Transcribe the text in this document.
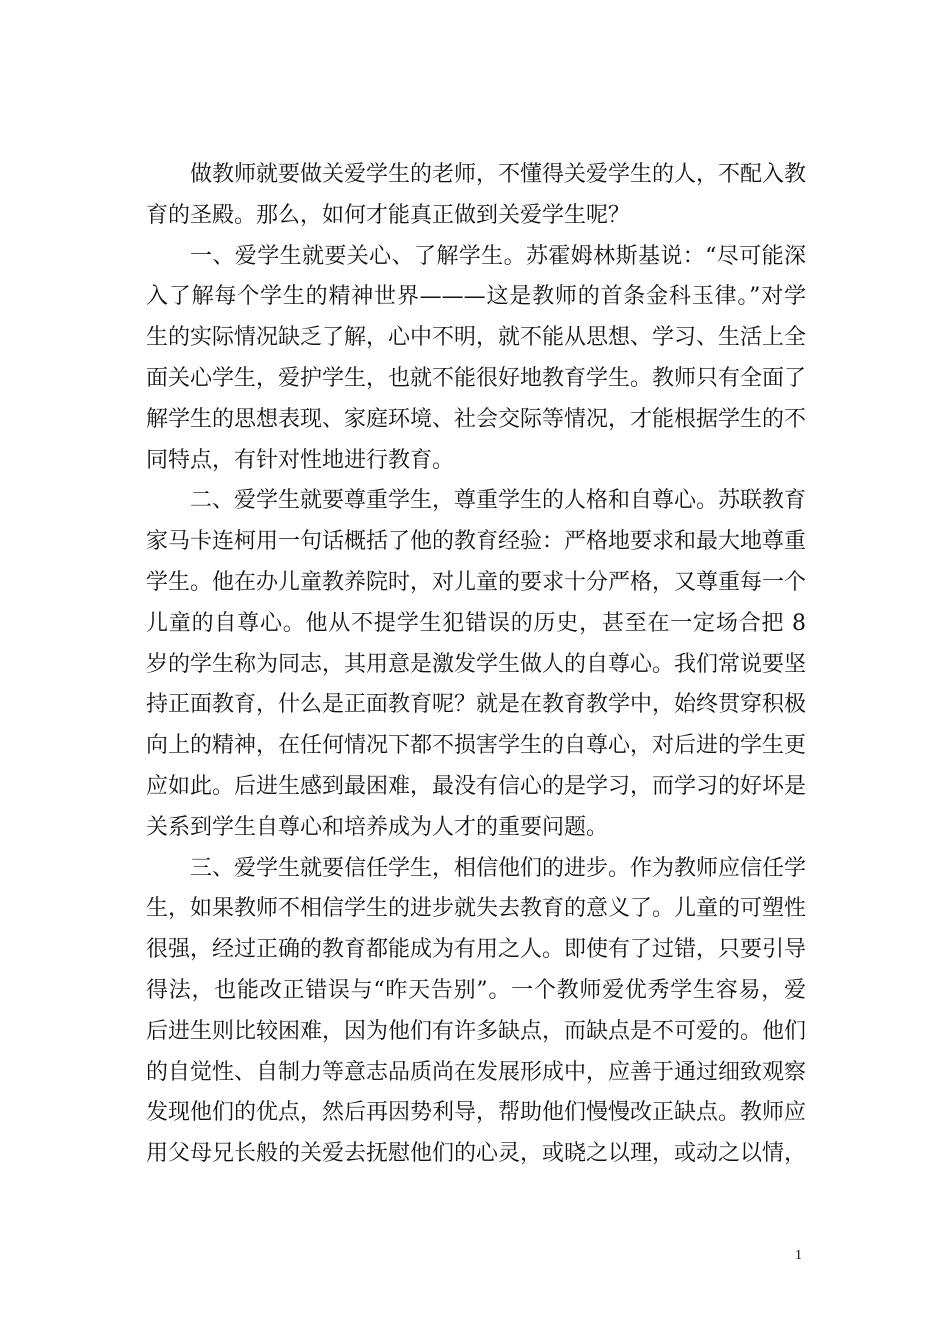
做教师就要做关爱学生的老师，不懂得关爱学生的人，不配入教育的圣殿。那么，如何才能真正做到关爱学生呢？

一、爱学生就要关心、了解学生。苏霍姆林斯基说：“尽可能深入了解每个学生的精神世界———这是教师的首条金科玉律。”对学生的实际情况缺乏了解，心中不明，就不能从思想、学习、生活上全面关心学生，爱护学生，也就不能很好地教育学生。教师只有全面了解学生的思想表现、家庭环境、社会交际等情况，才能根据学生的不同特点，有针对性地进行教育。

二、爱学生就要尊重学生，尊重学生的人格和自尊心。苏联教育家马卡连柯用一句话概括了他的教育经验：严格地要求和最大地尊重学生。他在办儿童教养院时，对儿童的要求十分严格，又尊重每一个儿童的自尊心。他从不提学生犯错误的历史，甚至在一定场合把 8 岁的学生称为同志，其用意是激发学生做人的自尊心。我们常说要坚持正面教育，什么是正面教育呢？就是在教育教学中，始终贯穿积极向上的精神，在任何情况下都不损害学生的自尊心，对后进的学生更应如此。后进生感到最困难，最没有信心的是学习，而学习的好坏是关系到学生自尊心和培养成为人才的重要问题。

三、爱学生就要信任学生，相信他们的进步。作为教师应信任学生，如果教师不相信学生的进步就失去教育的意义了。儿童的可塑性很强，经过正确的教育都能成为有用之人。即使有了过错，只要引导得法，也能改正错误与“昨天告别”。一个教师爱优秀学生容易，爱后进生则比较困难，因为他们有许多缺点，而缺点是不可爱的。他们的自觉性、自制力等意志品质尚在发展形成中，应善于通过细致观察发现他们的优点，然后再因势利导，帮助他们慢慢改正缺点。教师应用父母兄长般的关爱去抚慰他们的心灵，或晓之以理，或动之以情，

1
